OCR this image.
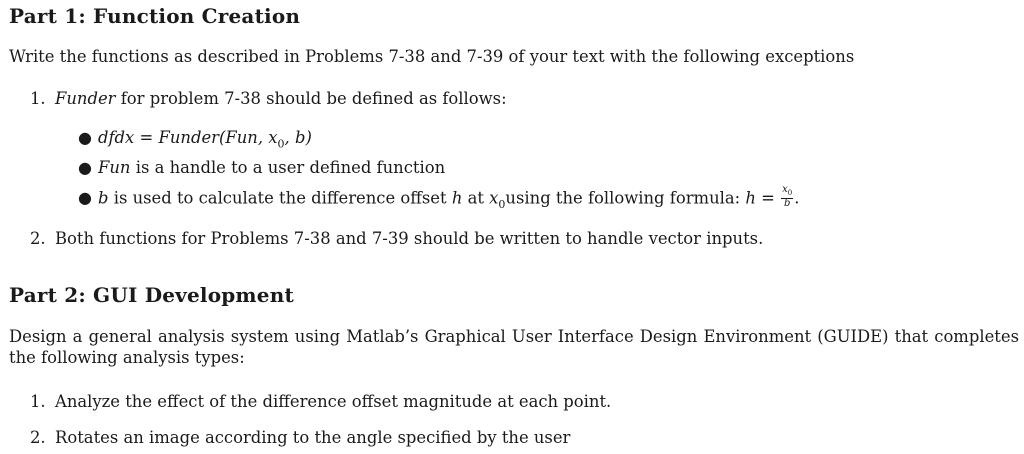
Part 1: Function Creation

Write the functions as described in Problems 7-38 and 7-39 of your text with the following exceptions

1. Funder for problem 7-38 should be defined as follows:
● dfdx = Funder(Fun, $x_0$, b)
● Fun is a handle to a user defined function
● b is used to calculate the difference offset h at $x_0using$ the following formula: $h = \frac{x_0}{b}$ .
2. Both functions for Problems 7-38 and 7-39 should be written to handle vector inputs.
Part 2: GUI Development

Design a general analysis system using Matlab’s Graphical User Interface Design Environment (GUIDE) that completes the following analysis types:

1. Analyze the effect of the difference offset magnitude at each point.
2. Rotates an image according to the angle specified by the user
